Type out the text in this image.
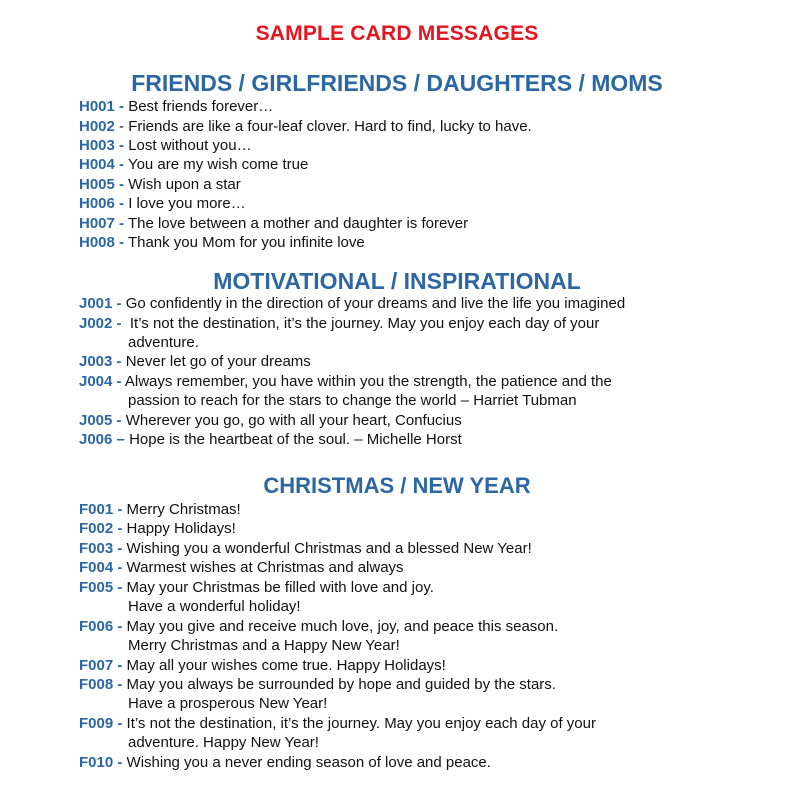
SAMPLE CARD MESSAGES
FRIENDS / GIRLFRIENDS / DAUGHTERS / MOMS
H001 - Best friends forever…
H002 - Friends are like a four-leaf clover. Hard to find, lucky to have.
H003 - Lost without you…
H004 - You are my wish come true
H005 - Wish upon a star
H006 - I love you more…
H007 - The love between a mother and daughter is forever
H008 - Thank you Mom for you infinite love
MOTIVATIONAL / INSPIRATIONAL
J001 - Go confidently in the direction of your dreams and live the life you imagined
J002 - It’s not the destination, it’s the journey. May you enjoy each day of your
adventure.
J003 - Never let go of your dreams
J004 - Always remember, you have within you the strength, the patience and the
passion to reach for the stars to change the world – Harriet Tubman
J005 - Wherever you go, go with all your heart, Confucius
J006 – Hope is the heartbeat of the soul. – Michelle Horst
CHRISTMAS / NEW YEAR
F001 - Merry Christmas!
F002 - Happy Holidays!
F003 - Wishing you a wonderful Christmas and a blessed New Year!
F004 - Warmest wishes at Christmas and always
F005 - May your Christmas be filled with love and joy.
Have a wonderful holiday!
F006 - May you give and receive much love, joy, and peace this season.
Merry Christmas and a Happy New Year!
F007 - May all your wishes come true. Happy Holidays!
F008 - May you always be surrounded by hope and guided by the stars.
Have a prosperous New Year!
F009 - It’s not the destination, it’s the journey. May you enjoy each day of your
adventure. Happy New Year!
F010 - Wishing you a never ending season of love and peace.
